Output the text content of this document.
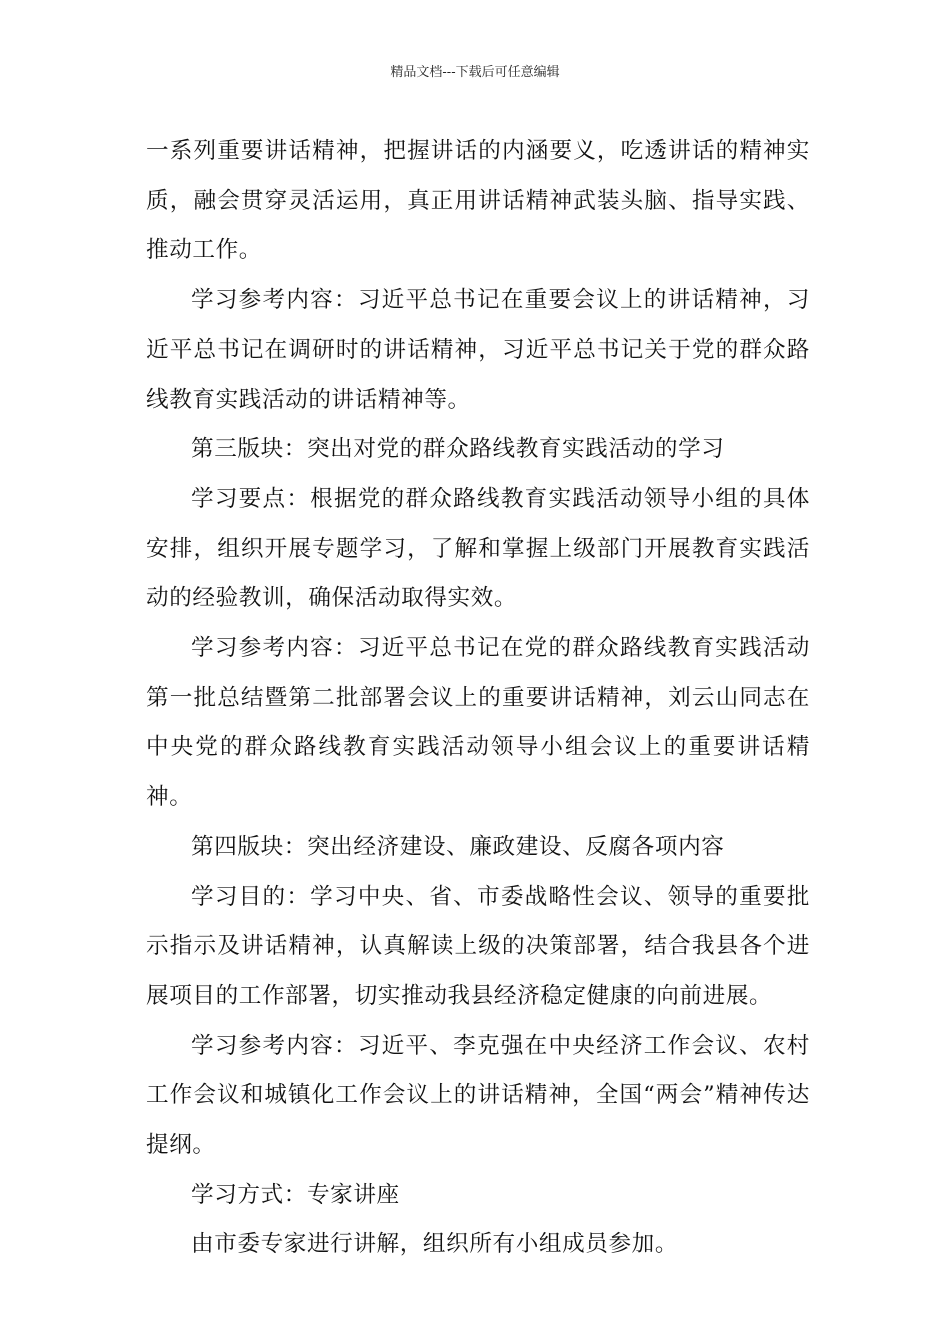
精品文档---下载后可任意编辑

一系列重要讲话精神，把握讲话的内涵要义，吃透讲话的精神实质，融会贯穿灵活运用，真正用讲话精神武装头脑、指导实践、推动工作。

学习参考内容：习近平总书记在重要会议上的讲话精神，习近平总书记在调研时的讲话精神，习近平总书记关于党的群众路线教育实践活动的讲话精神等。

第三版块：突出对党的群众路线教育实践活动的学习

学习要点：根据党的群众路线教育实践活动领导小组的具体安排，组织开展专题学习，了解和掌握上级部门开展教育实践活动的经验教训，确保活动取得实效。

学习参考内容：习近平总书记在党的群众路线教育实践活动第一批总结暨第二批部署会议上的重要讲话精神，刘云山同志在中央党的群众路线教育实践活动领导小组会议上的重要讲话精神。

第四版块：突出经济建设、廉政建设、反腐各项内容

学习目的：学习中央、省、市委战略性会议、领导的重要批示指示及讲话精神，认真解读上级的决策部署，结合我县各个进展项目的工作部署，切实推动我县经济稳定健康的向前进展。

学习参考内容：习近平、李克强在中央经济工作会议、农村工作会议和城镇化工作会议上的讲话精神，全国“两会”精神传达提纲。

学习方式：专家讲座

由市委专家进行讲解，组织所有小组成员参加。
